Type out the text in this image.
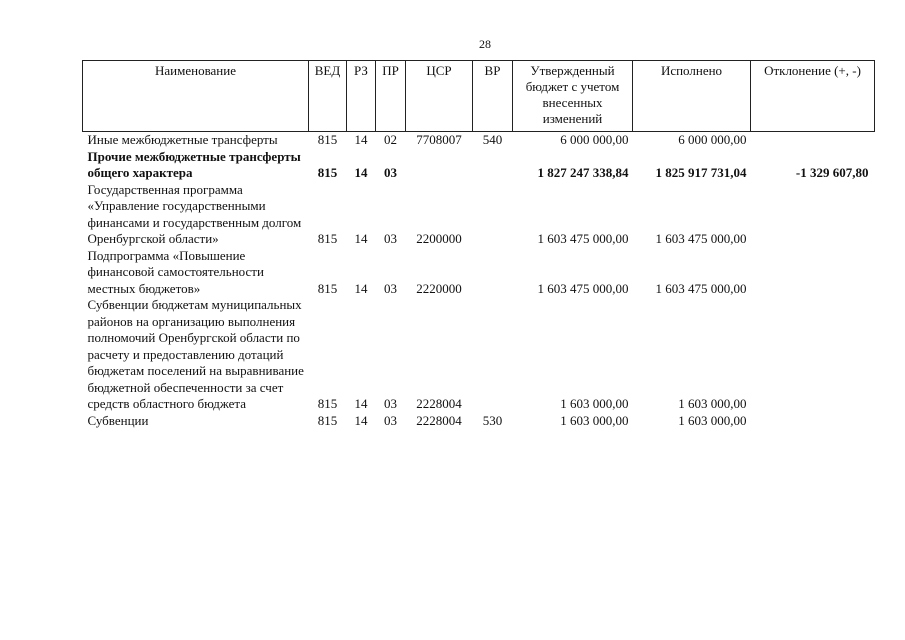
28
Наименование	ВЕД	РЗ	ПР	ЦСР	ВР	Утвержденный бюджет с учетом внесенных изменений	Исполнено	Отклонение (+, -)
Иные межбюджетные трансферты	815	14	02	7708007	540	6 000 000,00	6 000 000,00	
Прочие межбюджетные трансферты общего характера	815	14	03			1 827 247 338,84	1 825 917 731,04	-1 329 607,80
Государственная программа «Управление государственными финансами и государственным долгом Оренбургской области»	815	14	03	2200000		1 603 475 000,00	1 603 475 000,00	
Подпрограмма «Повышение финансовой самостоятельности местных бюджетов»	815	14	03	2220000		1 603 475 000,00	1 603 475 000,00	
Субвенции бюджетам муниципальных районов на организацию выполнения полномочий Оренбургской области по расчету и предоставлению дотаций бюджетам поселений на выравнивание бюджетной обеспеченности за счет средств областного бюджета	815	14	03	2228004		1 603 000,00	1 603 000,00	
Субвенции	815	14	03	2228004	530	1 603 000,00	1 603 000,00	
